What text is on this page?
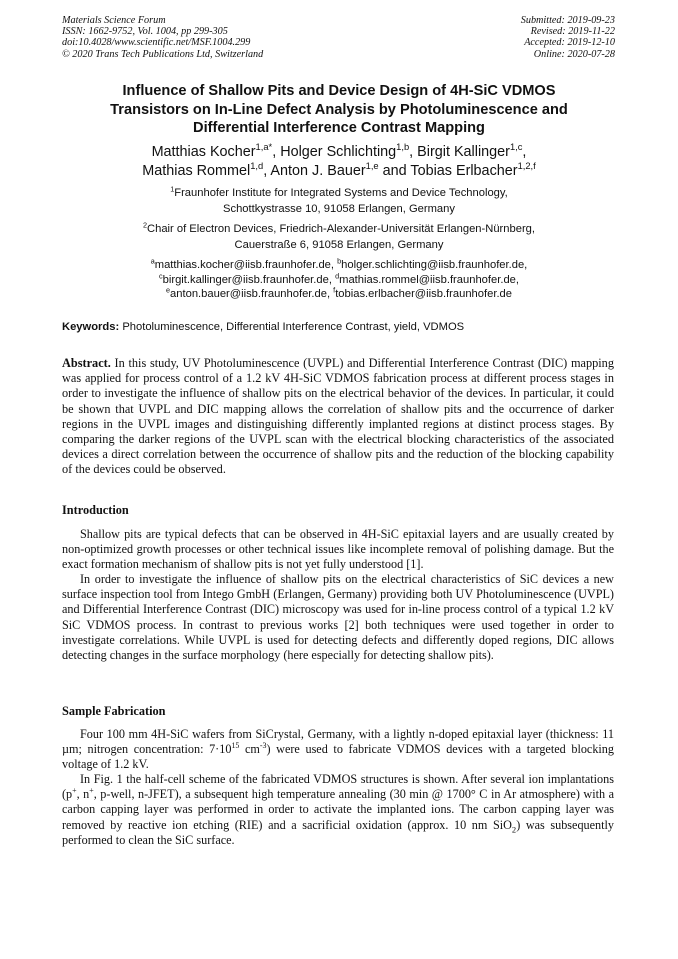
Materials Science Forum
ISSN: 1662-9752, Vol. 1004, pp 299-305
doi:10.4028/www.scientific.net/MSF.1004.299
© 2020 Trans Tech Publications Ltd, Switzerland
Submitted: 2019-09-23
Revised: 2019-11-22
Accepted: 2019-12-10
Online: 2020-07-28
Influence of Shallow Pits and Device Design of 4H-SiC VDMOS
Transistors on In-Line Defect Analysis by Photoluminescence and
Differential Interference Contrast Mapping
Matthias Kocher$^{1,a*}$, Holger Schlichting$^{1,b}$, Birgit Kallinger$^{1,c}$,
Mathias Rommel$^{1,d}$, Anton J. Bauer$^{1,e}$ and Tobias Erlbacher$^{1,2,f}$
$^1$Fraunhofer Institute for Integrated Systems and Device Technology,
Schottkystrasse 10, 91058 Erlangen, Germany
$^2$Chair of Electron Devices, Friedrich-Alexander-Universität Erlangen-Nürnberg,
Cauerstraße 6, 91058 Erlangen, Germany
$^a$matthias.kocher@iisb.fraunhofer.de, $^b$holger.schlichting@iisb.fraunhofer.de,
$^c$birgit.kallinger@iisb.fraunhofer.de, $^d$mathias.rommel@iisb.fraunhofer.de,
$^e$anton.bauer@iisb.fraunhofer.de, $^f$tobias.erlbacher@iisb.fraunhofer.de
Keywords: Photoluminescence, Differential Interference Contrast, yield, VDMOS
Abstract. In this study, UV Photoluminescence (UVPL) and Differential Interference Contrast (DIC) mapping was applied for process control of a 1.2 kV 4H-SiC VDMOS fabrication process at different process stages in order to investigate the influence of shallow pits on the electrical behavior of the devices. In particular, it could be shown that UVPL and DIC mapping allows the correlation of shallow pits and the occurrence of darker regions in the UVPL images and distinguishing differently implanted regions at distinct process stages. By comparing the darker regions of the UVPL scan with the electrical blocking characteristics of the associated devices a direct correlation between the occurrence of shallow pits and the reduction of the blocking capability of the devices could be observed.
Introduction

Shallow pits are typical defects that can be observed in 4H-SiC epitaxial layers and are usually created by non-optimized growth processes or other technical issues like incomplete removal of polishing damage. But the exact formation mechanism of shallow pits is not yet fully understood [1].

In order to investigate the influence of shallow pits on the electrical characteristics of SiC devices a new surface inspection tool from Intego GmbH (Erlangen, Germany) providing both UV Photoluminescence (UVPL) and Differential Interference Contrast (DIC) microscopy was used for in-line process control of a typical 1.2 kV SiC VDMOS process. In contrast to previous works [2] both techniques were used together in order to investigate correlations. While UVPL is used for detecting defects and differently doped regions, DIC allows detecting changes in the surface morphology (here especially for detecting shallow pits).

Sample Fabrication

Four 100 mm 4H-SiC wafers from SiCrystal, Germany, with a lightly n-doped epitaxial layer (thickness: 11 µm; nitrogen concentration: $7\cdot 10^{15}$ $cm^{-3}$) were used to fabricate VDMOS devices with a targeted blocking voltage of 1.2 kV.

In Fig. 1 the half-cell scheme of the fabricated VDMOS structures is shown. After several ion implantations (p+, n+, p-well, n-JFET), a subsequent high temperature annealing (30 min @ 1700° C in Ar atmosphere) with a carbon capping layer was performed in order to activate the implanted ions. The carbon capping layer was removed by reactive ion etching (RIE) and a sacrificial oxidation (approx. 10 nm SiO$_2$) was subsequently performed to clean the SiC surface.
